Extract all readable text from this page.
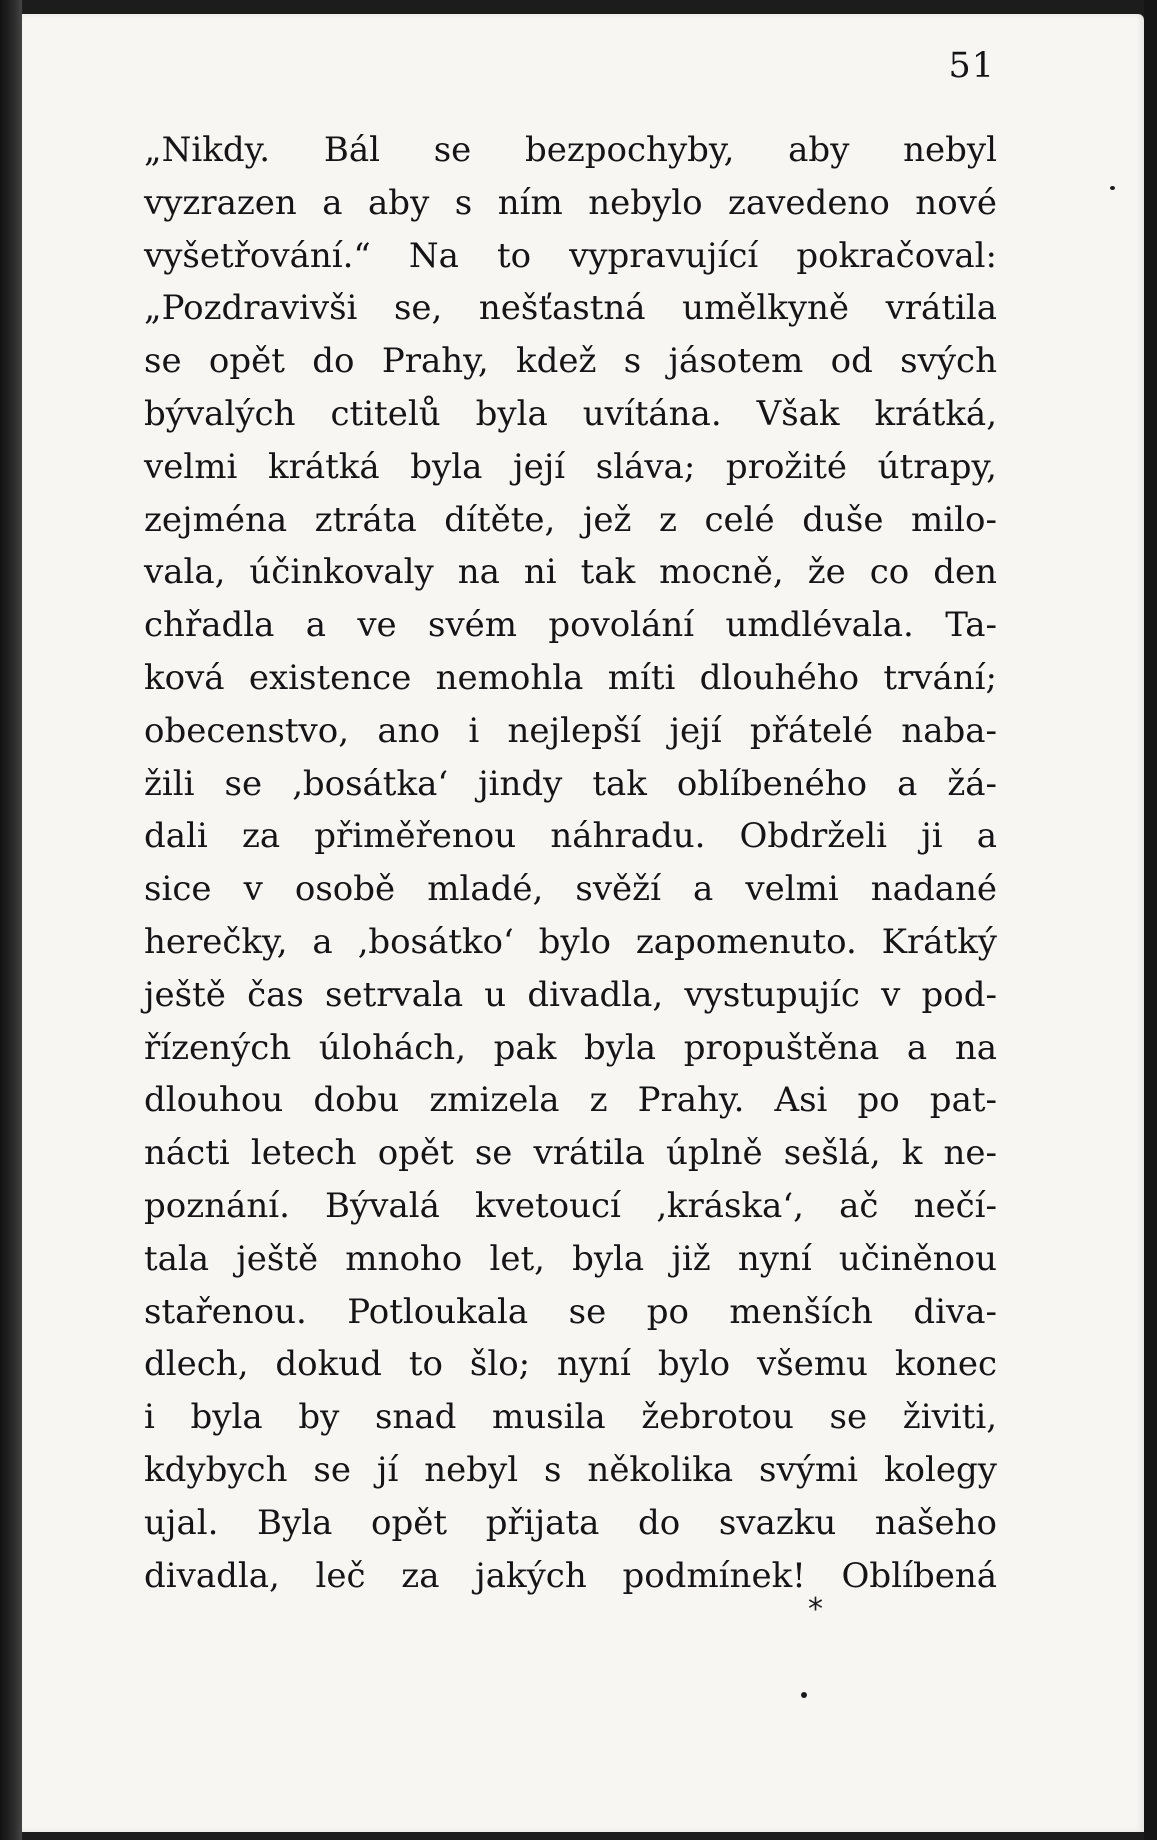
51
„Nikdy. Bál se bezpochyby, aby nebyl
vyzrazen a aby s ním nebylo zavedeno nové
vyšetřování.“ Na to vypravující pokračoval:
„Pozdravivši se, nešťastná umělkyně vrátila
se opět do Prahy, kdež s jásotem od svých
bývalých ctitelů byla uvítána. Však krátká,
velmi krátká byla její sláva; prožité útrapy,
zejména ztráta dítěte, jež z celé duše milo-
vala, účinkovaly na ni tak mocně, že co den
chřadla a ve svém povolání umdlévala. Ta-
ková existence nemohla míti dlouhého trvání;
obecenstvo, ano i nejlepší její přátelé naba-
žili se ‚bosátka‘ jindy tak oblíbeného a žá-
dali za přiměřenou náhradu. Obdrželi ji a
sice v osobě mladé, svěží a velmi nadané
herečky, a ‚bosátko‘ bylo zapomenuto. Krátký
ještě čas setrvala u divadla, vystupujíc v pod-
řízených úlohách, pak byla propuštěna a na
dlouhou dobu zmizela z Prahy. Asi po pat-
nácti letech opět se vrátila úplně sešlá, k ne-
poznání. Bývalá kvetoucí ‚kráska‘, ač nečí-
tala ještě mnoho let, byla již nyní učiněnou
stařenou. Potloukala se po menších diva-
dlech, dokud to šlo; nyní bylo všemu konec
i byla by snad musila žebrotou se živiti,
kdybych se jí nebyl s několika svými kolegy
ujal. Byla opět přijata do svazku našeho
divadla, leč za jakých podmínek! Oblíbená
*
